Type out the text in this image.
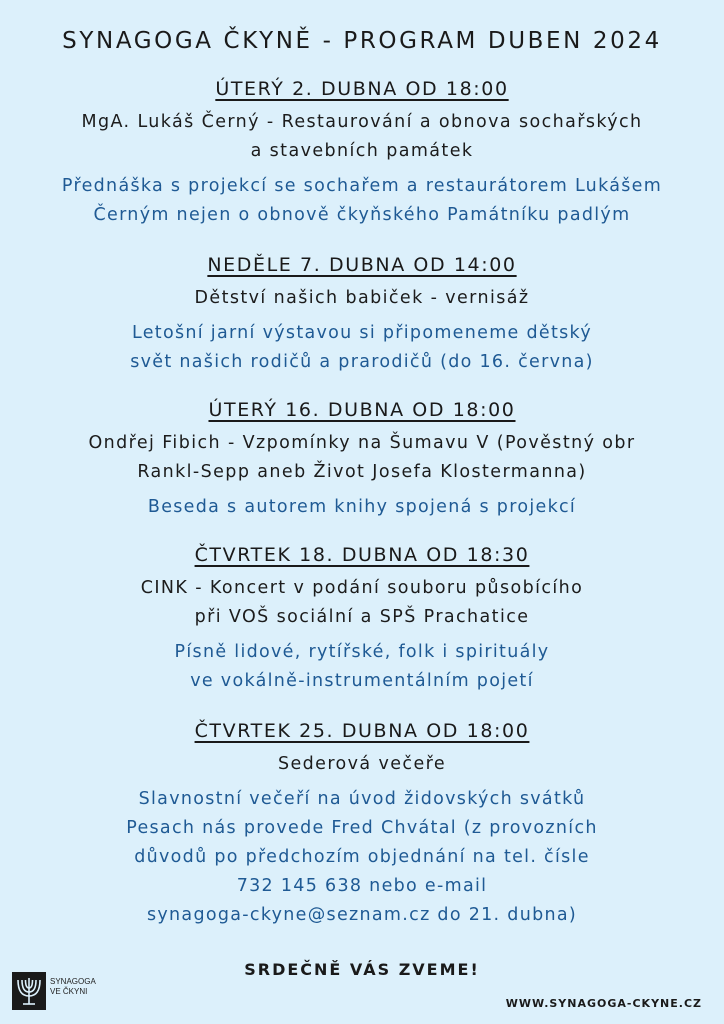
SYNAGOGA ČKYNĚ - PROGRAM DUBEN 2024
ÚTERÝ 2. DUBNA OD 18:00
MgA. Lukáš Černý - Restaurování a obnova sochařských
a stavebních památek
Přednáška s projekcí se sochařem a restaurátorem Lukášem
Černým nejen o obnově čkyňského Památníku padlým
NEDĚLE 7. DUBNA OD 14:00
Dětství našich babiček - vernisáž
Letošní jarní výstavou si připomeneme dětský
svět našich rodičů a prarodičů (do 16. června)
ÚTERÝ 16. DUBNA OD 18:00
Ondřej Fibich - Vzpomínky na Šumavu V (Pověstný obr
Rankl-Sepp aneb Život Josefa Klostermanna)
Beseda s autorem knihy spojená s projekcí
ČTVRTEK 18. DUBNA OD 18:30
CINK - Koncert v podání souboru působícího
při VOŠ sociální a SPŠ Prachatice
Písně lidové, rytířské, folk i spirituály
ve vokálně-instrumentálním pojetí
ČTVRTEK 25. DUBNA OD 18:00
Sederová večeře
Slavnostní večeří na úvod židovských svátků
Pesach nás provede Fred Chvátal (z provozních
důvodů po předchozím objednání na tel. čísle
732 145 638 nebo e-mail
synagoga-ckyne@seznam.cz do 21. dubna)
SRDEČNĚ VÁS ZVEME!
SYNAGOGA
VE ČKYNI
WWW.SYNAGOGA-CKYNE.CZ
